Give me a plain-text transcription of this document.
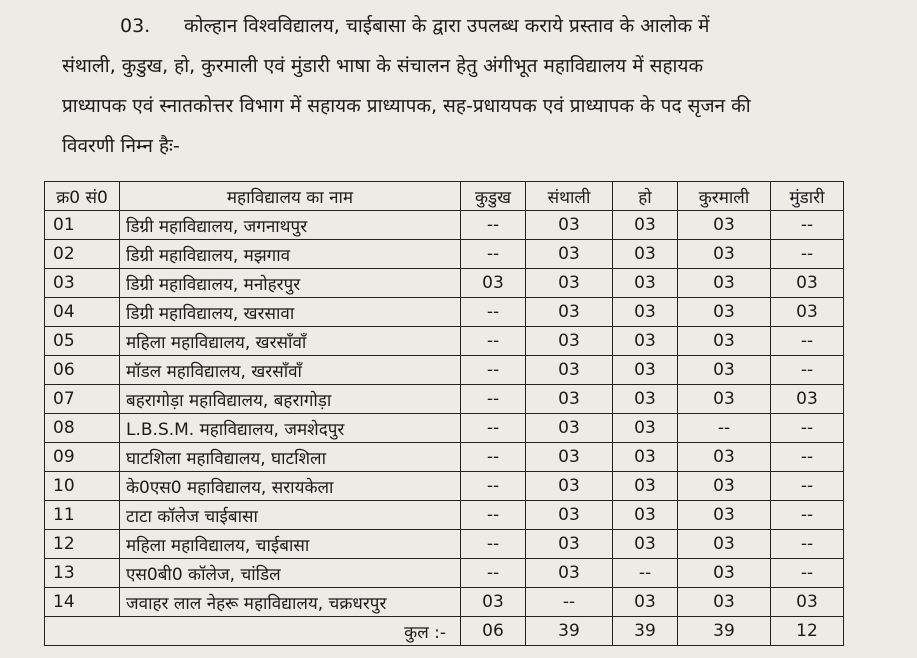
03. कोल्हान विश्वविद्यालय, चाईबासा के द्वारा उपलब्ध कराये प्रस्ताव के आलोक में
संथाली, कुडुख, हो, कुरमाली एवं मुंडारी भाषा के संचालन हेतु अंगीभूत महाविद्यालय में सहायक
प्राध्यापक एवं स्नातकोत्तर विभाग में सहायक प्राध्यापक, सह-प्रधायपक एवं प्राध्यापक के पद सृजन की
विवरणी निम्न हैः-
क्र0 सं0	महाविद्यालय का नाम	कुडुख	संथाली	हो	कुरमाली	मुंडारी
01	डिग्री महाविद्यालय, जगनाथपुर	--	03	03	03	--
02	डिग्री महाविद्यालय, मझगाव	--	03	03	03	--
03	डिग्री महाविद्यालय, मनोहरपुर	03	03	03	03	03
04	डिग्री महाविद्यालय, खरसावा	--	03	03	03	03
05	महिला महाविद्यालय, खरसाँवाँ	--	03	03	03	--
06	मॉडल महाविद्यालय, खरसाँवाँ	--	03	03	03	--
07	बहरागोड़ा महाविद्यालय, बहरागोड़ा	--	03	03	03	03
08	L.B.S.M. महाविद्यालय, जमशेदपुर	--	03	03	--	--
09	घाटशिला महाविद्यालय, घाटशिला	--	03	03	03	--
10	के0एस0 महाविद्यालय, सरायकेला	--	03	03	03	--
11	टाटा कॉलेज चाईबासा	--	03	03	03	--
12	महिला महाविद्यालय, चाईबासा	--	03	03	03	--
13	एस0बी0 कॉलेज, चांडिल	--	03	--	03	--
14	जवाहर लाल नेहरू महाविद्यालय, चक्रधरपुर	03	--	03	03	03
कुल :-		06	39	39	39	12
